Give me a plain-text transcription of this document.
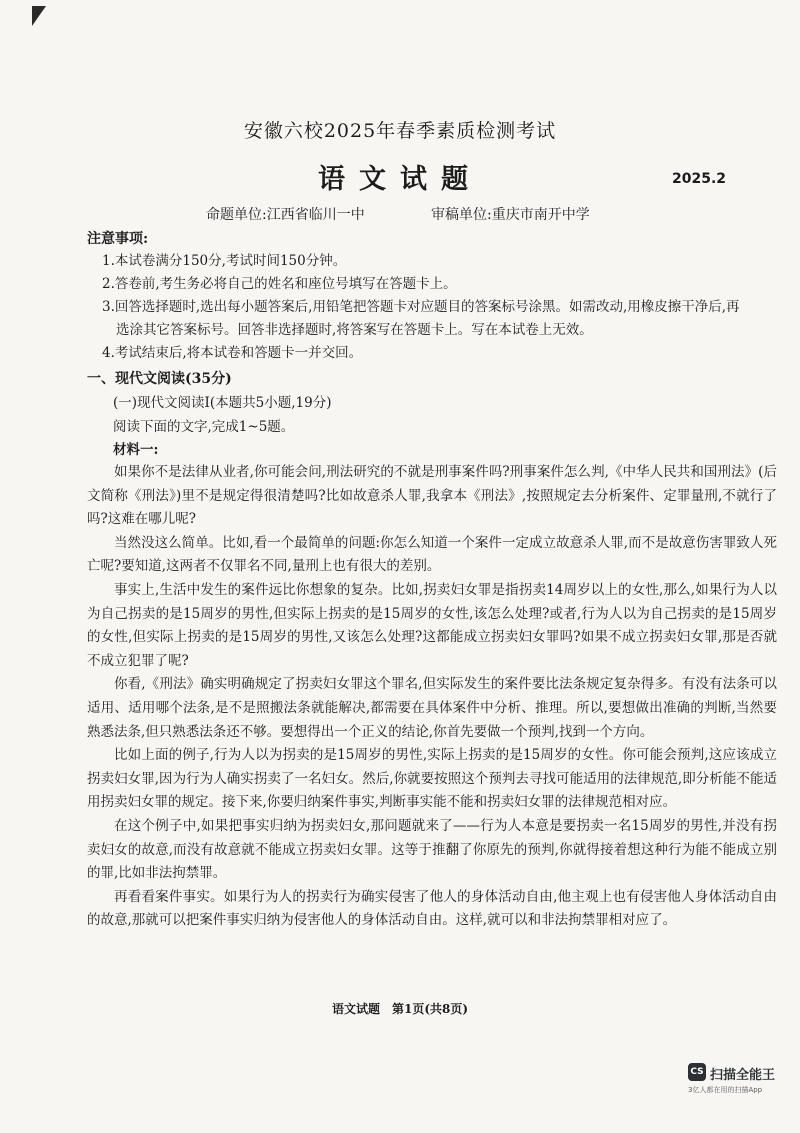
安徽六校2025年春季素质检测考试
语文试题	2025.2
命题单位:江西省临川一中	审稿单位:重庆市南开中学
注意事项:
1.本试卷满分150分,考试时间150分钟。
2.答卷前,考生务必将自己的姓名和座位号填写在答题卡上。
3.回答选择题时,选出每小题答案后,用铅笔把答题卡对应题目的答案标号涂黑。如需改动,用橡皮擦干净后,再选涂其它答案标号。回答非选择题时,将答案写在答题卡上。写在本试卷上无效。
4.考试结束后,将本试卷和答题卡一并交回。
一、现代文阅读(35分)
(一)现代文阅读Ⅰ(本题共5小题,19分)
阅读下面的文字,完成1~5题。
材料一:

如果你不是法律从业者,你可能会问,刑法研究的不就是刑事案件吗?刑事案件怎么判,《中华人民共和国刑法》(后文简称《刑法》)里不是规定得很清楚吗?比如故意杀人罪,我拿本《刑法》,按照规定去分析案件、定罪量刑,不就行了吗?这难在哪儿呢?

当然没这么简单。比如,看一个最简单的问题:你怎么知道一个案件一定成立故意杀人罪,而不是故意伤害罪致人死亡呢?要知道,这两者不仅罪名不同,量刑上也有很大的差别。

事实上,生活中发生的案件远比你想象的复杂。比如,拐卖妇女罪是指拐卖14周岁以上的女性,那么,如果行为人以为自己拐卖的是15周岁的男性,但实际上拐卖的是15周岁的女性,该怎么处理?或者,行为人以为自己拐卖的是15周岁的女性,但实际上拐卖的是15周岁的男性,又该怎么处理?这都能成立拐卖妇女罪吗?如果不成立拐卖妇女罪,那是否就不成立犯罪了呢?

你看,《刑法》确实明确规定了拐卖妇女罪这个罪名,但实际发生的案件要比法条规定复杂得多。有没有法条可以适用、适用哪个法条,是不是照搬法条就能解决,都需要在具体案件中分析、推理。所以,要想做出准确的判断,当然要熟悉法条,但只熟悉法条还不够。要想得出一个正义的结论,你首先要做一个预判,找到一个方向。

比如上面的例子,行为人以为拐卖的是15周岁的男性,实际上拐卖的是15周岁的女性。你可能会预判,这应该成立拐卖妇女罪,因为行为人确实拐卖了一名妇女。然后,你就要按照这个预判去寻找可能适用的法律规范,即分析能不能适用拐卖妇女罪的规定。接下来,你要归纳案件事实,判断事实能不能和拐卖妇女罪的法律规范相对应。

在这个例子中,如果把事实归纳为拐卖妇女,那问题就来了——行为人本意是要拐卖一名15周岁的男性,并没有拐卖妇女的故意,而没有故意就不能成立拐卖妇女罪。这等于推翻了你原先的预判,你就得接着想这种行为能不能成立别的罪,比如非法拘禁罪。

再看看案件事实。如果行为人的拐卖行为确实侵害了他人的身体活动自由,他主观上也有侵害他人身体活动自由的故意,那就可以把案件事实归纳为侵害他人的身体活动自由。这样,就可以和非法拘禁罪相对应了。

语文试题　第1页(共8页)
CS 扫描全能王
3亿人都在用的扫描App
